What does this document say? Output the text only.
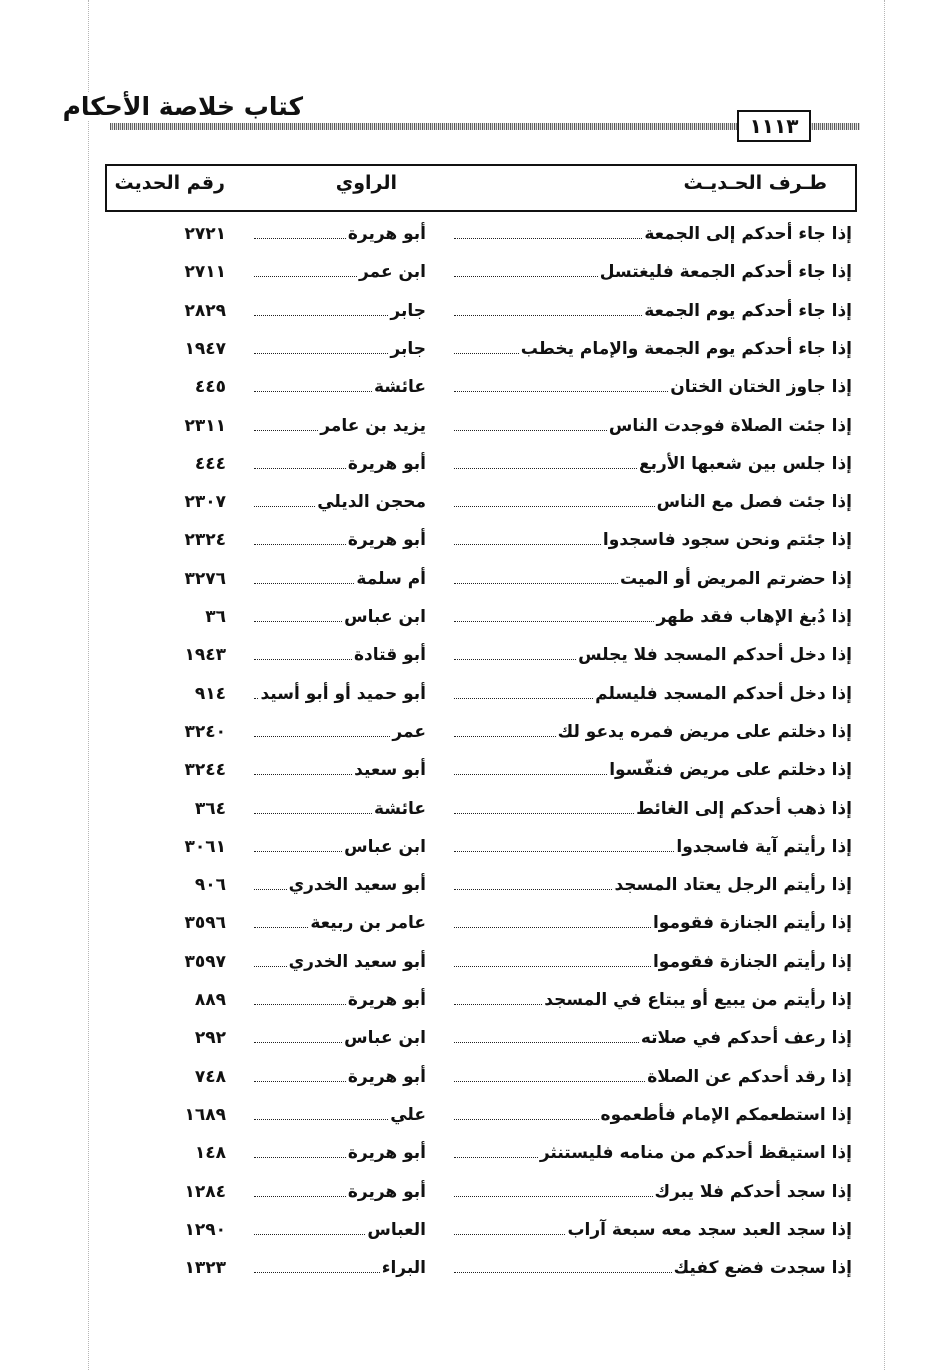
كتاب خلاصة الأحكام
١١١٣
طـرف الحـديـث
الراوي
رقم الحديث
إذا جاء أحدكم إلى الجمعة
أبو هريرة
٢٧٢١
إذا جاء أحدكم الجمعة فليغتسل
ابن عمر
٢٧١١
إذا جاء أحدكم يوم الجمعة
جابر
٢٨٢٩
إذا جاء أحدكم يوم الجمعة والإمام يخطب
جابر
١٩٤٧
إذا جاوز الختان الختان
عائشة
٤٤٥
إذا جئت الصلاة فوجدت الناس
يزيد بن عامر
٢٣١١
إذا جلس بين شعبها الأربع
أبو هريرة
٤٤٤
إذا جئت فصل مع الناس
محجن الديلي
٢٣٠٧
إذا جئتم ونحن سجود فاسجدوا
أبو هريرة
٢٣٢٤
إذا حضرتم المريض أو الميت
أم سلمة
٣٢٧٦
إذا دُبغ الإهاب فقد طهر
ابن عباس
٣٦
إذا دخل أحدكم المسجد فلا يجلس
أبو قتادة
١٩٤٣
إذا دخل أحدكم المسجد فليسلم
أبو حميد أو أبو أسيد
٩١٤
إذا دخلتم على مريض فمره يدعو لك
عمر
٣٢٤٠
إذا دخلتم على مريض فنفّسوا
أبو سعيد
٣٢٤٤
إذا ذهب أحدكم إلى الغائط
عائشة
٣٦٤
إذا رأيتم آية فاسجدوا
ابن عباس
٣٠٦١
إذا رأيتم الرجل يعتاد المسجد
أبو سعيد الخدري
٩٠٦
إذا رأيتم الجنازة فقوموا
عامر بن ربيعة
٣٥٩٦
إذا رأيتم الجنازة فقوموا
أبو سعيد الخدري
٣٥٩٧
إذا رأيتم من يبيع أو يبتاع في المسجد
أبو هريرة
٨٨٩
إذا رعف أحدكم في صلاته
ابن عباس
٢٩٢
إذا رقد أحدكم عن الصلاة
أبو هريرة
٧٤٨
إذا استطعمكم الإمام فأطعموه
علي
١٦٨٩
إذا استيقظ أحدكم من منامه فليستنثر
أبو هريرة
١٤٨
إذا سجد أحدكم فلا يبرك
أبو هريرة
١٢٨٤
إذا سجد العبد سجد معه سبعة آراب
العباس
١٢٩٠
إذا سجدت فضع كفيك
البراء
١٣٢٣
